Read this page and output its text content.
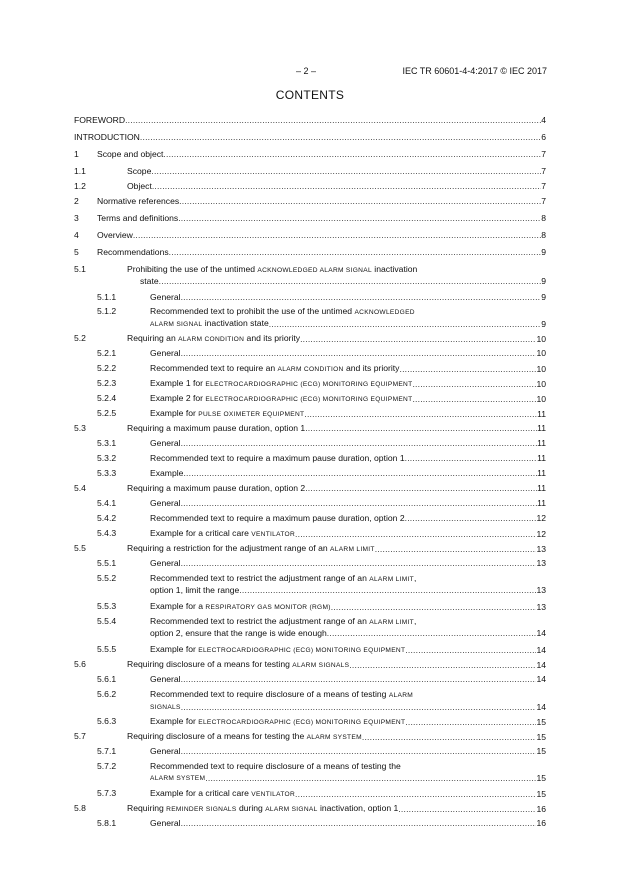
– 2 –	IEC TR 60601-4-4:2017 © IEC 2017
CONTENTS
FOREWORD .....	4
INTRODUCTION .....	6
1 Scope and object .....	7
1.1	Scope .....	7
1.2	Object .....	7
2 Normative references .....	7
3 Terms and definitions .....	8
4 Overview .....	8
5 Recommendations .....	9
5.1	Prohibiting the use of the untimed ACKNOWLEDGED ALARM SIGNAL inactivation
state .....	9
5.1.1	General .....	9
5.1.2	Recommended text to prohibit the use of the untimed ACKNOWLEDGED
ALARM SIGNAL inactivation state .....	9
5.2	Requiring an ALARM CONDITION and its priority .....	10
5.2.1	General .....	10
5.2.2	Recommended text to require an ALARM CONDITION and its priority .....	10
5.2.3	Example 1 for ELECTROCARDIOGRAPHIC (ECG) MONITORING EQUIPMENT .....	10
5.2.4	Example 2 for ELECTROCARDIOGRAPHIC (ECG) MONITORING EQUIPMENT .....	10
5.2.5	Example for PULSE OXIMETER EQUIPMENT .....	11
5.3	Requiring a maximum pause duration, option 1 .....	11
5.3.1	General .....	11
5.3.2	Recommended text to require a maximum pause duration, option 1 .....	11
5.3.3	Example .....	11
5.4	Requiring a maximum pause duration, option 2 .....	11
5.4.1	General .....	11
5.4.2	Recommended text to require a maximum pause duration, option 2 .....	12
5.4.3	Example for a critical care VENTILATOR .....	12
5.5	Requiring a restriction for the adjustment range of an ALARM LIMIT .....	13
5.5.1	General .....	13
5.5.2	Recommended text to restrict the adjustment range of an ALARM LIMIT,
option 1, limit the range .....	13
5.5.3	Example for a RESPIRATORY GAS MONITOR (RGM) .....	13
5.5.4	Recommended text to restrict the adjustment range of an ALARM LIMIT,
option 2, ensure that the range is wide enough .....	14
5.5.5	Example for ELECTROCARDIOGRAPHIC (ECG) MONITORING EQUIPMENT .....	14
5.6	Requiring disclosure of a means for testing ALARM SIGNALS .....	14
5.6.1	General .....	14
5.6.2	Recommended text to require disclosure of a means of testing ALARM
SIGNALS .....	14
5.6.3	Example for ELECTROCARDIOGRAPHIC (ECG) MONITORING EQUIPMENT .....	15
5.7	Requiring disclosure of a means for testing the ALARM SYSTEM .....	15
5.7.1	General .....	15
5.7.2	Recommended text to require disclosure of a means of testing the
ALARM SYSTEM .....	15
5.7.3	Example for a critical care VENTILATOR .....	15
5.8	Requiring REMINDER SIGNALS during ALARM SIGNAL inactivation, option 1 .....	16
5.8.1	General .....	16
